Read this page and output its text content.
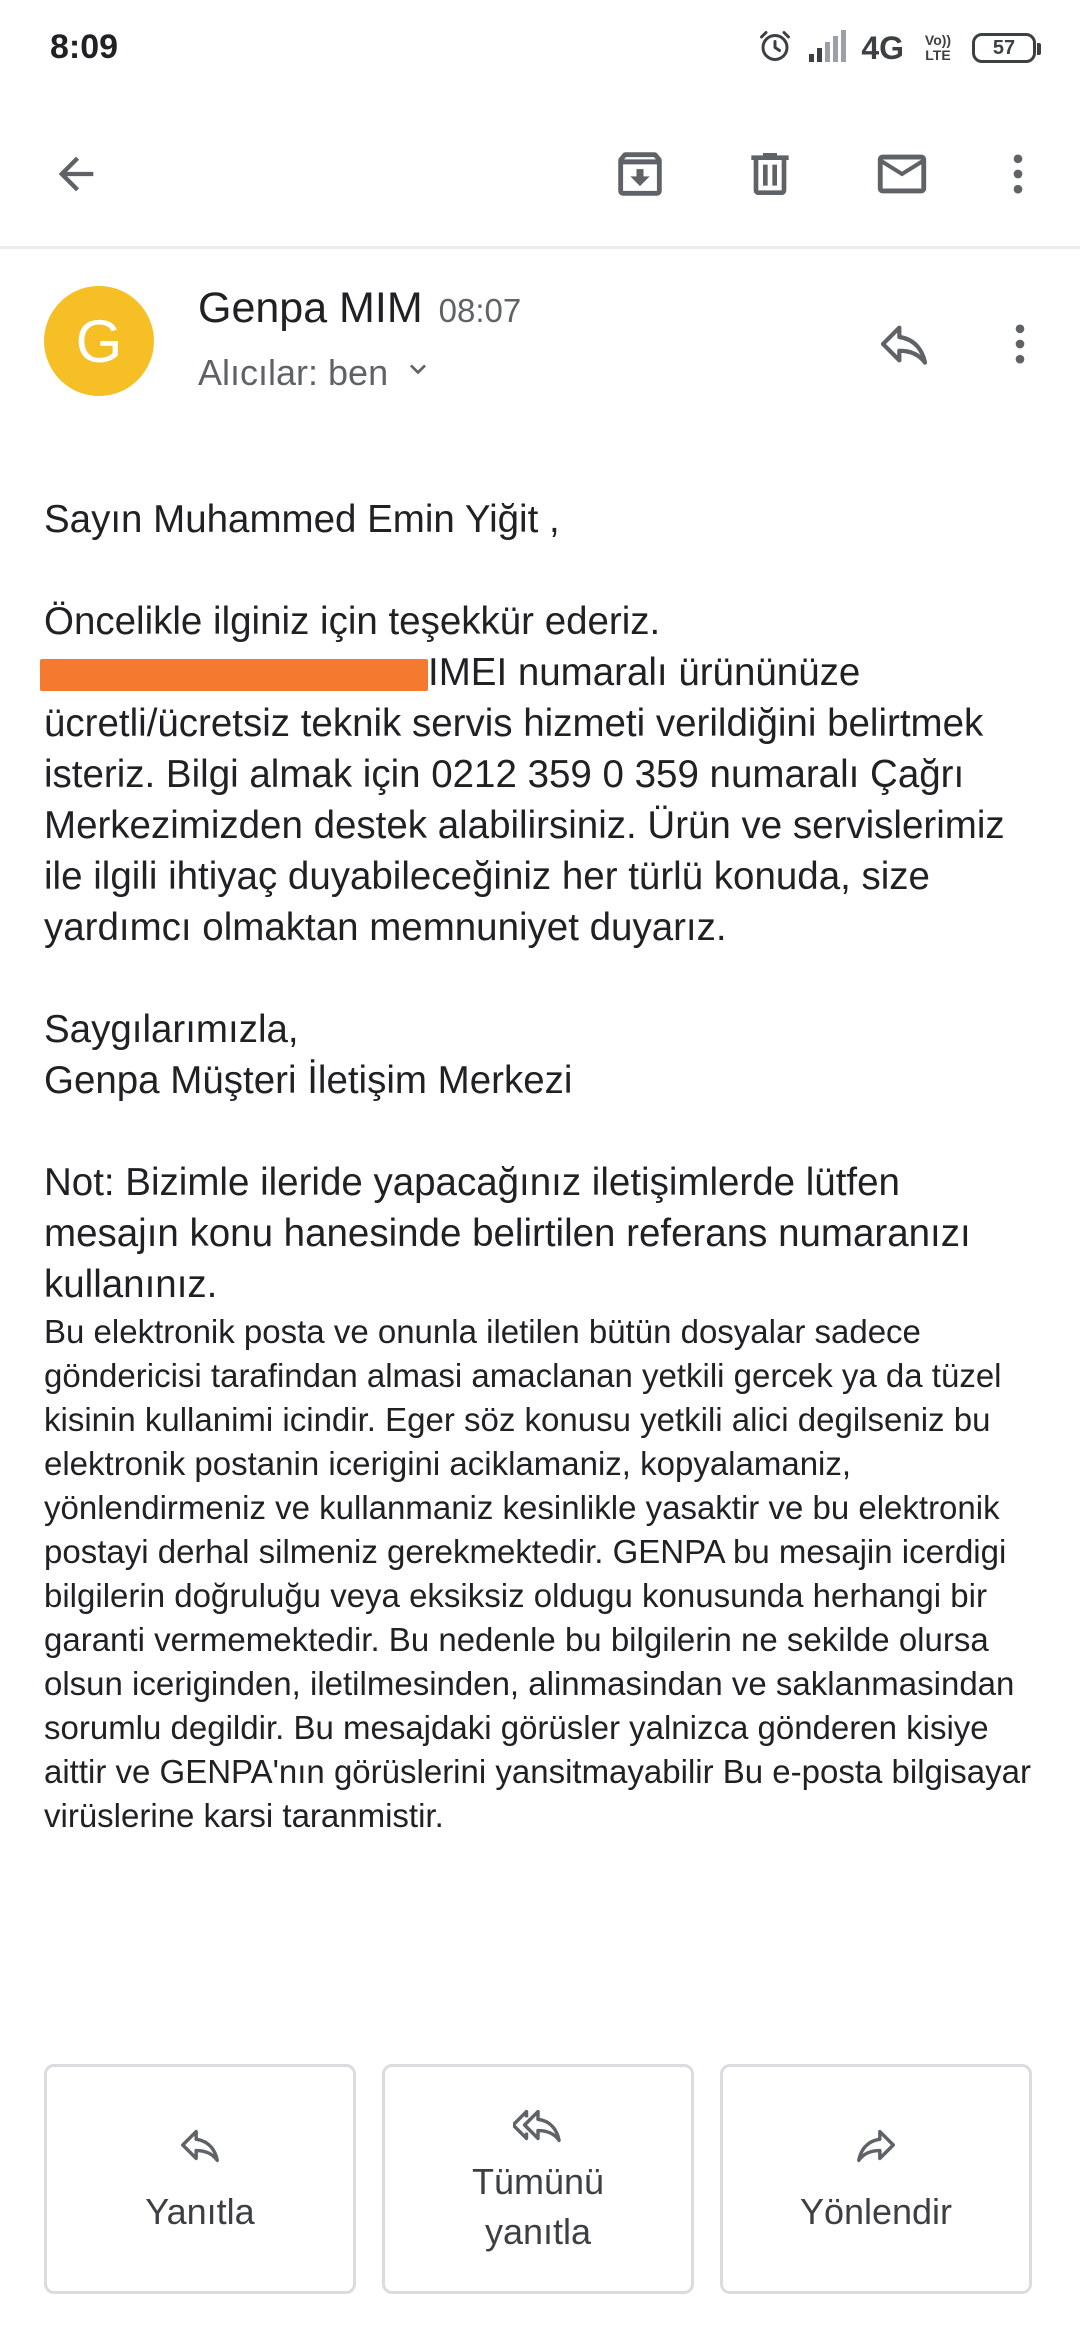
8:09	4G	Vo)) LTE	57
G	Genpa MIM 08:07
Alıcılar: ben

Sayın Muhammed Emin Yiğit ,

Öncelikle ilginiz için teşekkür ederiz.

IMEI numaralı ürününüze

ücretli/ücretsiz teknik servis hizmeti verildiğini belirtmek isteriz. Bilgi almak için 0212 359 0 359 numaralı Çağrı Merkezimizden destek alabilirsiniz. Ürün ve servislerimiz ile ilgili ihtiyaç duyabileceğiniz her türlü konuda, size yardımcı olmaktan memnuniyet duyarız.

Saygılarımızla,

Genpa Müşteri İletişim Merkezi

Not: Bizimle ileride yapacağınız iletişimlerde lütfen mesajın konu hanesinde belirtilen referans numaranızı kullanınız.

Bu elektronik posta ve onunla iletilen bütün dosyalar sadece göndericisi tarafindan almasi amaclanan yetkili gercek ya da tüzel kisinin kullanimi icindir. Eger söz konusu yetkili alici degilseniz bu elektronik postanin icerigini aciklamaniz, kopyalamaniz, yönlendirmeniz ve kullanmaniz kesinlikle yasaktir ve bu elektronik postayi derhal silmeniz gerekmektedir. GENPA bu mesajin icerdigi bilgilerin doğruluğu veya eksiksiz oldugu konusunda herhangi bir garanti vermemektedir. Bu nedenle bu bilgilerin ne sekilde olursa olsun iceriginden, iletilmesinden, alinmasindan ve saklanmasindan sorumlu degildir. Bu mesajdaki görüsler yalnizca gönderen kisiye aittir ve GENPA'nın görüslerini yansitmayabilir Bu e-posta bilgisayar virüslerine karsi taranmistir.

Yanıtla
Tümünü
yanıtla	Yönlendir
